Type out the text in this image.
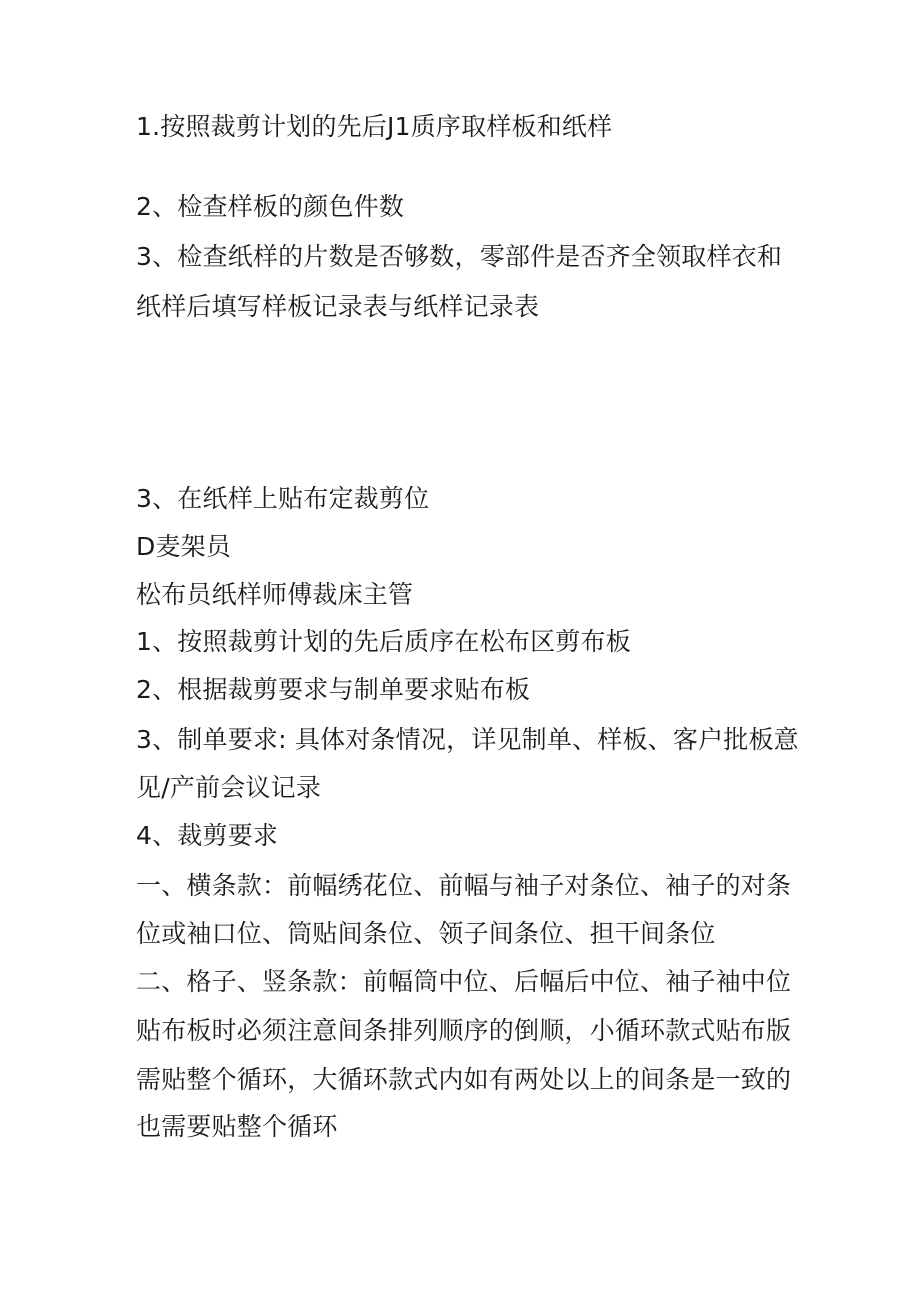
1.按照裁剪计划的先后J1质序取样板和纸样

2、检查样板的颜色件数

3、检查纸样的片数是否够数，零部件是否齐全领取样衣和

纸样后填写样板记录表与纸样记录表

3、在纸样上贴布定裁剪位

D麦架员

松布员纸样师傅裁床主管

1、按照裁剪计划的先后质序在松布区剪布板

2、根据裁剪要求与制单要求贴布板

3、制单要求: 具体对条情况，详见制单、样板、客户批板意

见/产前会议记录

4、裁剪要求

一、横条款：前幅绣花位、前幅与袖子对条位、袖子的对条

位或袖口位、筒贴间条位、领子间条位、担干间条位

二、格子、竖条款：前幅筒中位、后幅后中位、袖子袖中位

贴布板时必须注意间条排列顺序的倒顺，小循环款式贴布版

需贴整个循环，大循环款式内如有两处以上的间条是一致的

也需要贴整个循环
